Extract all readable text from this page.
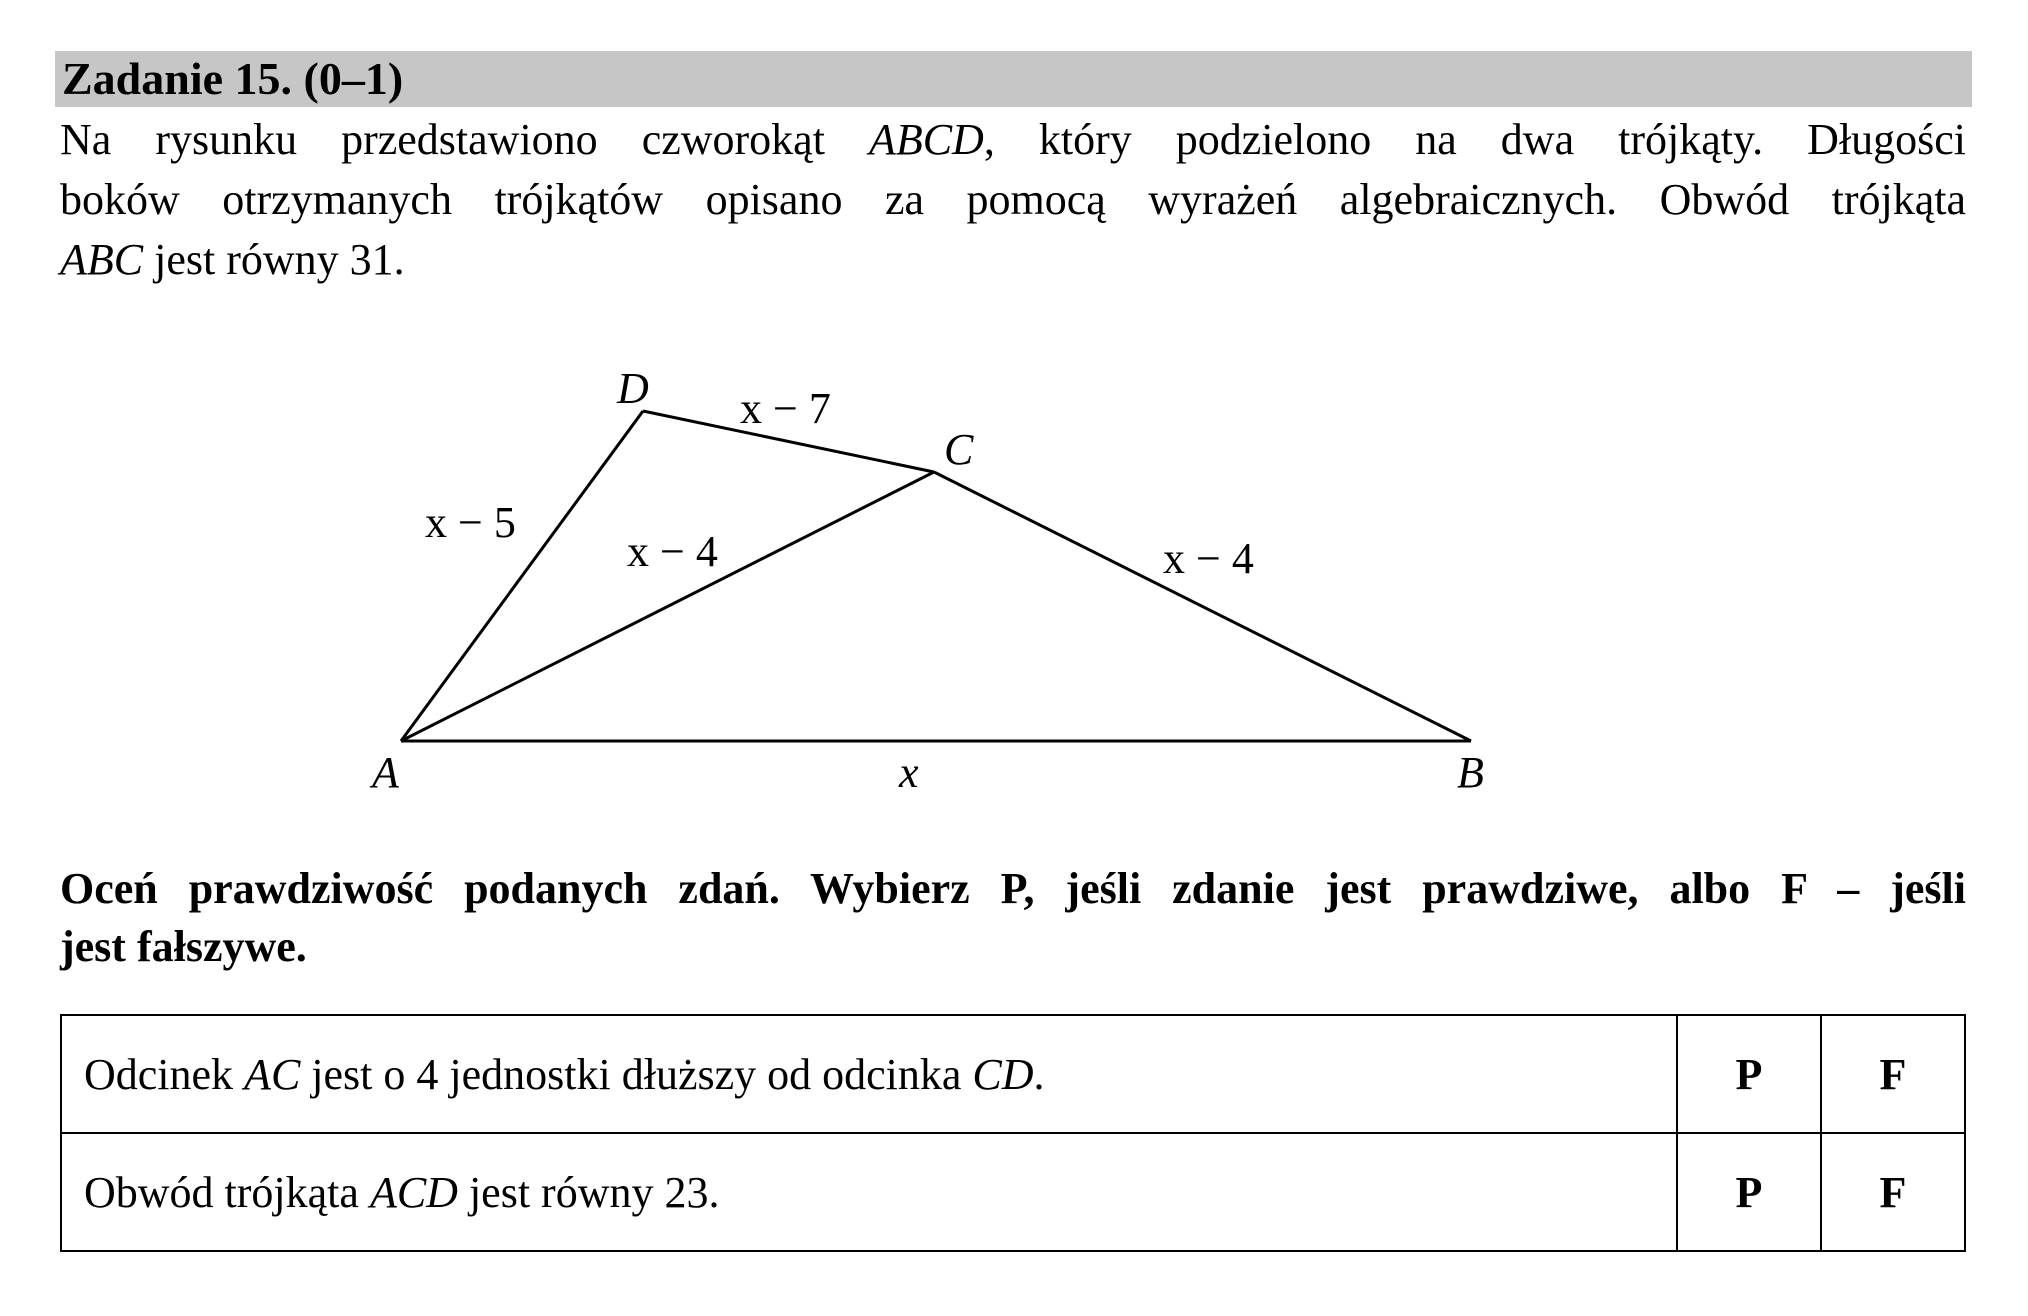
Zadanie 15. (0–1)
Na rysunku przedstawiono czworokąt ABCD, który podzielono na dwa trójkąty. Długości
boków otrzymanych trójkątów opisano za pomocą wyrażeń algebraicznych. Obwód trójkąta
ABC jest równy 31.
A	B
C
D
x
x − 7
x − 5
x − 4	x − 4
Oceń prawdziwość podanych zdań. Wybierz P, jeśli zdanie jest prawdziwe, albo F – jeśli
jest fałszywe.
Odcinek AC jest o 4 jednostki dłuższy od odcinka CD.	P	F
Obwód trójkąta ACD jest równy 23.	P	F
